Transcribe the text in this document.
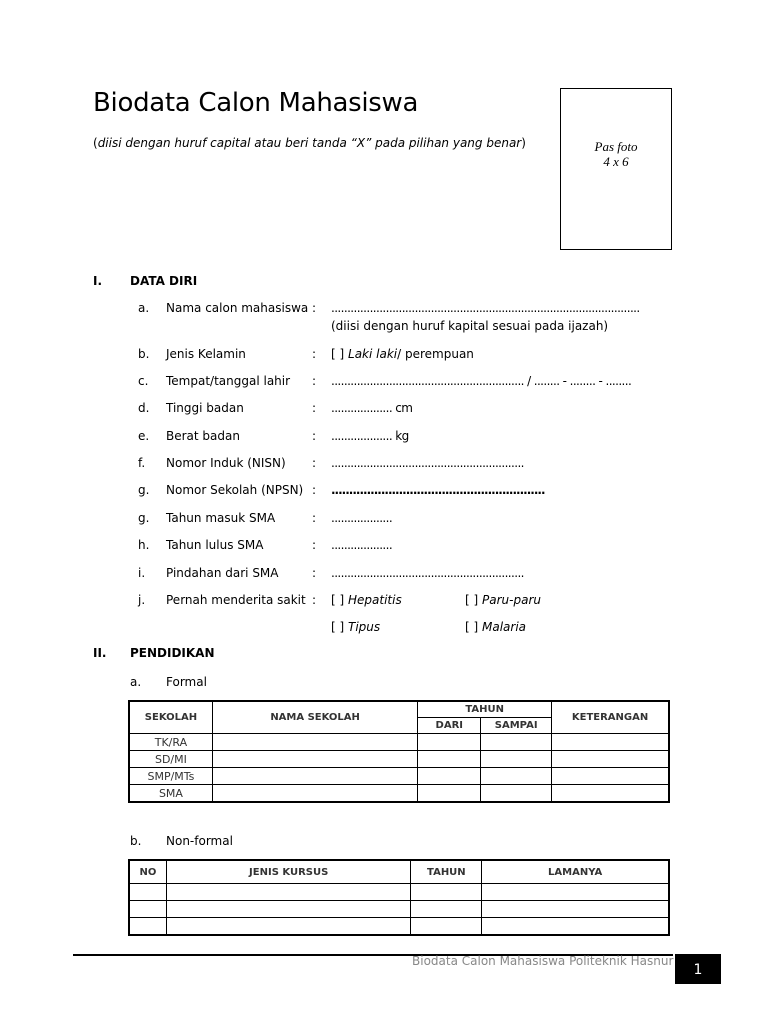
Biodata Calon Mahasiswa
(diisi dengan huruf capital atau beri tanda “X” pada pilihan yang benar)	Pas foto
4 x 6
I. DATA DIRI
a. Nama calon mahasiswa : ................................................................................................
(diisi dengan huruf kapital sesuai pada ijazah)
b. Jenis Kelamin	: [ ] Laki laki/ perempuan
c. Tempat/tanggal lahir : ............................................................ / ........ - ........ - ........
d. Tinggi badan	: ................... cm
e. Berat badan	: ................... kg
f. Nomor Induk (NISN) : ............................................................
g. Nomor Sekolah (NPSN) : ............................................................
g. Tahun masuk SMA	: ...................
h. Tahun lulus SMA	: ...................
i. Pindahan dari SMA	: ............................................................
j. Pernah menderita sakit : [ ] Hepatitis	[ ] Paru-paru
[ ] Tipus	[ ] Malaria
II. PENDIDIKAN
a. Formal
SEKOLAH	NAMA SEKOLAH	TAHUN		KETERANGAN
		DARI	SAMPAI	
TK/RA				
SD/MI				
SMP/MTs				
SMA				
b. Non-formal
NO	JENIS KURSUS	TAHUN	LAMANYA

Biodata Calon Mahasiswa Politeknik Hasnur
1
